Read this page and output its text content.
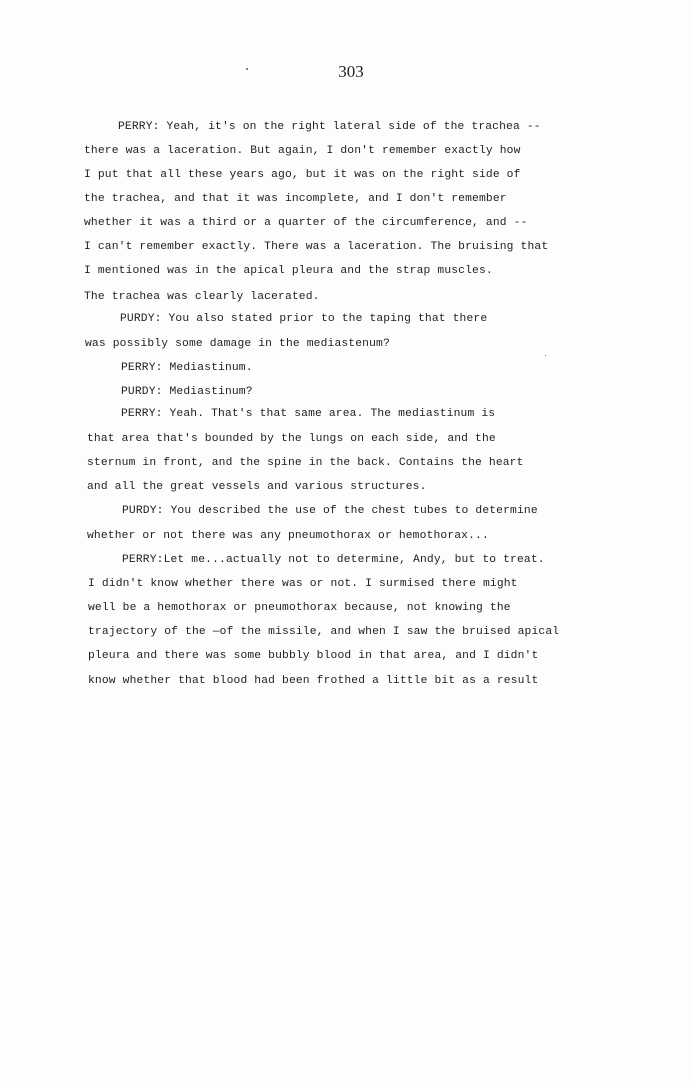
303
PERRY: Yeah, it's on the right lateral side of the trachea --
there was a laceration. But again, I don't remember exactly how
I put that all these years ago, but it was on the right side of
the trachea, and that it was incomplete, and I don't remember
whether it was a third or a quarter of the circumference, and --
I can't remember exactly. There was a laceration. The bruising that
I mentioned was in the apical pleura and the strap muscles.
The trachea was clearly lacerated.
PURDY: You also stated prior to the taping that there
was possibly some damage in the mediastenum?
PERRY: Mediastinum.
PURDY: Mediastinum?
PERRY: Yeah. That's that same area. The mediastinum is
that area that's bounded by the lungs on each side, and the
sternum in front, and the spine in the back. Contains the heart
and all the great vessels and various structures.
PURDY: You described the use of the chest tubes to determine
whether or not there was any pneumothorax or hemothorax...
PERRY:Let me...actually not to determine, Andy, but to treat.
I didn't know whether there was or not. I surmised there might
well be a hemothorax or pneumothorax because, not knowing the
trajectory of the —of the missile, and when I saw the bruised apical
pleura and there was some bubbly blood in that area, and I didn't
know whether that blood had been frothed a little bit as a result
